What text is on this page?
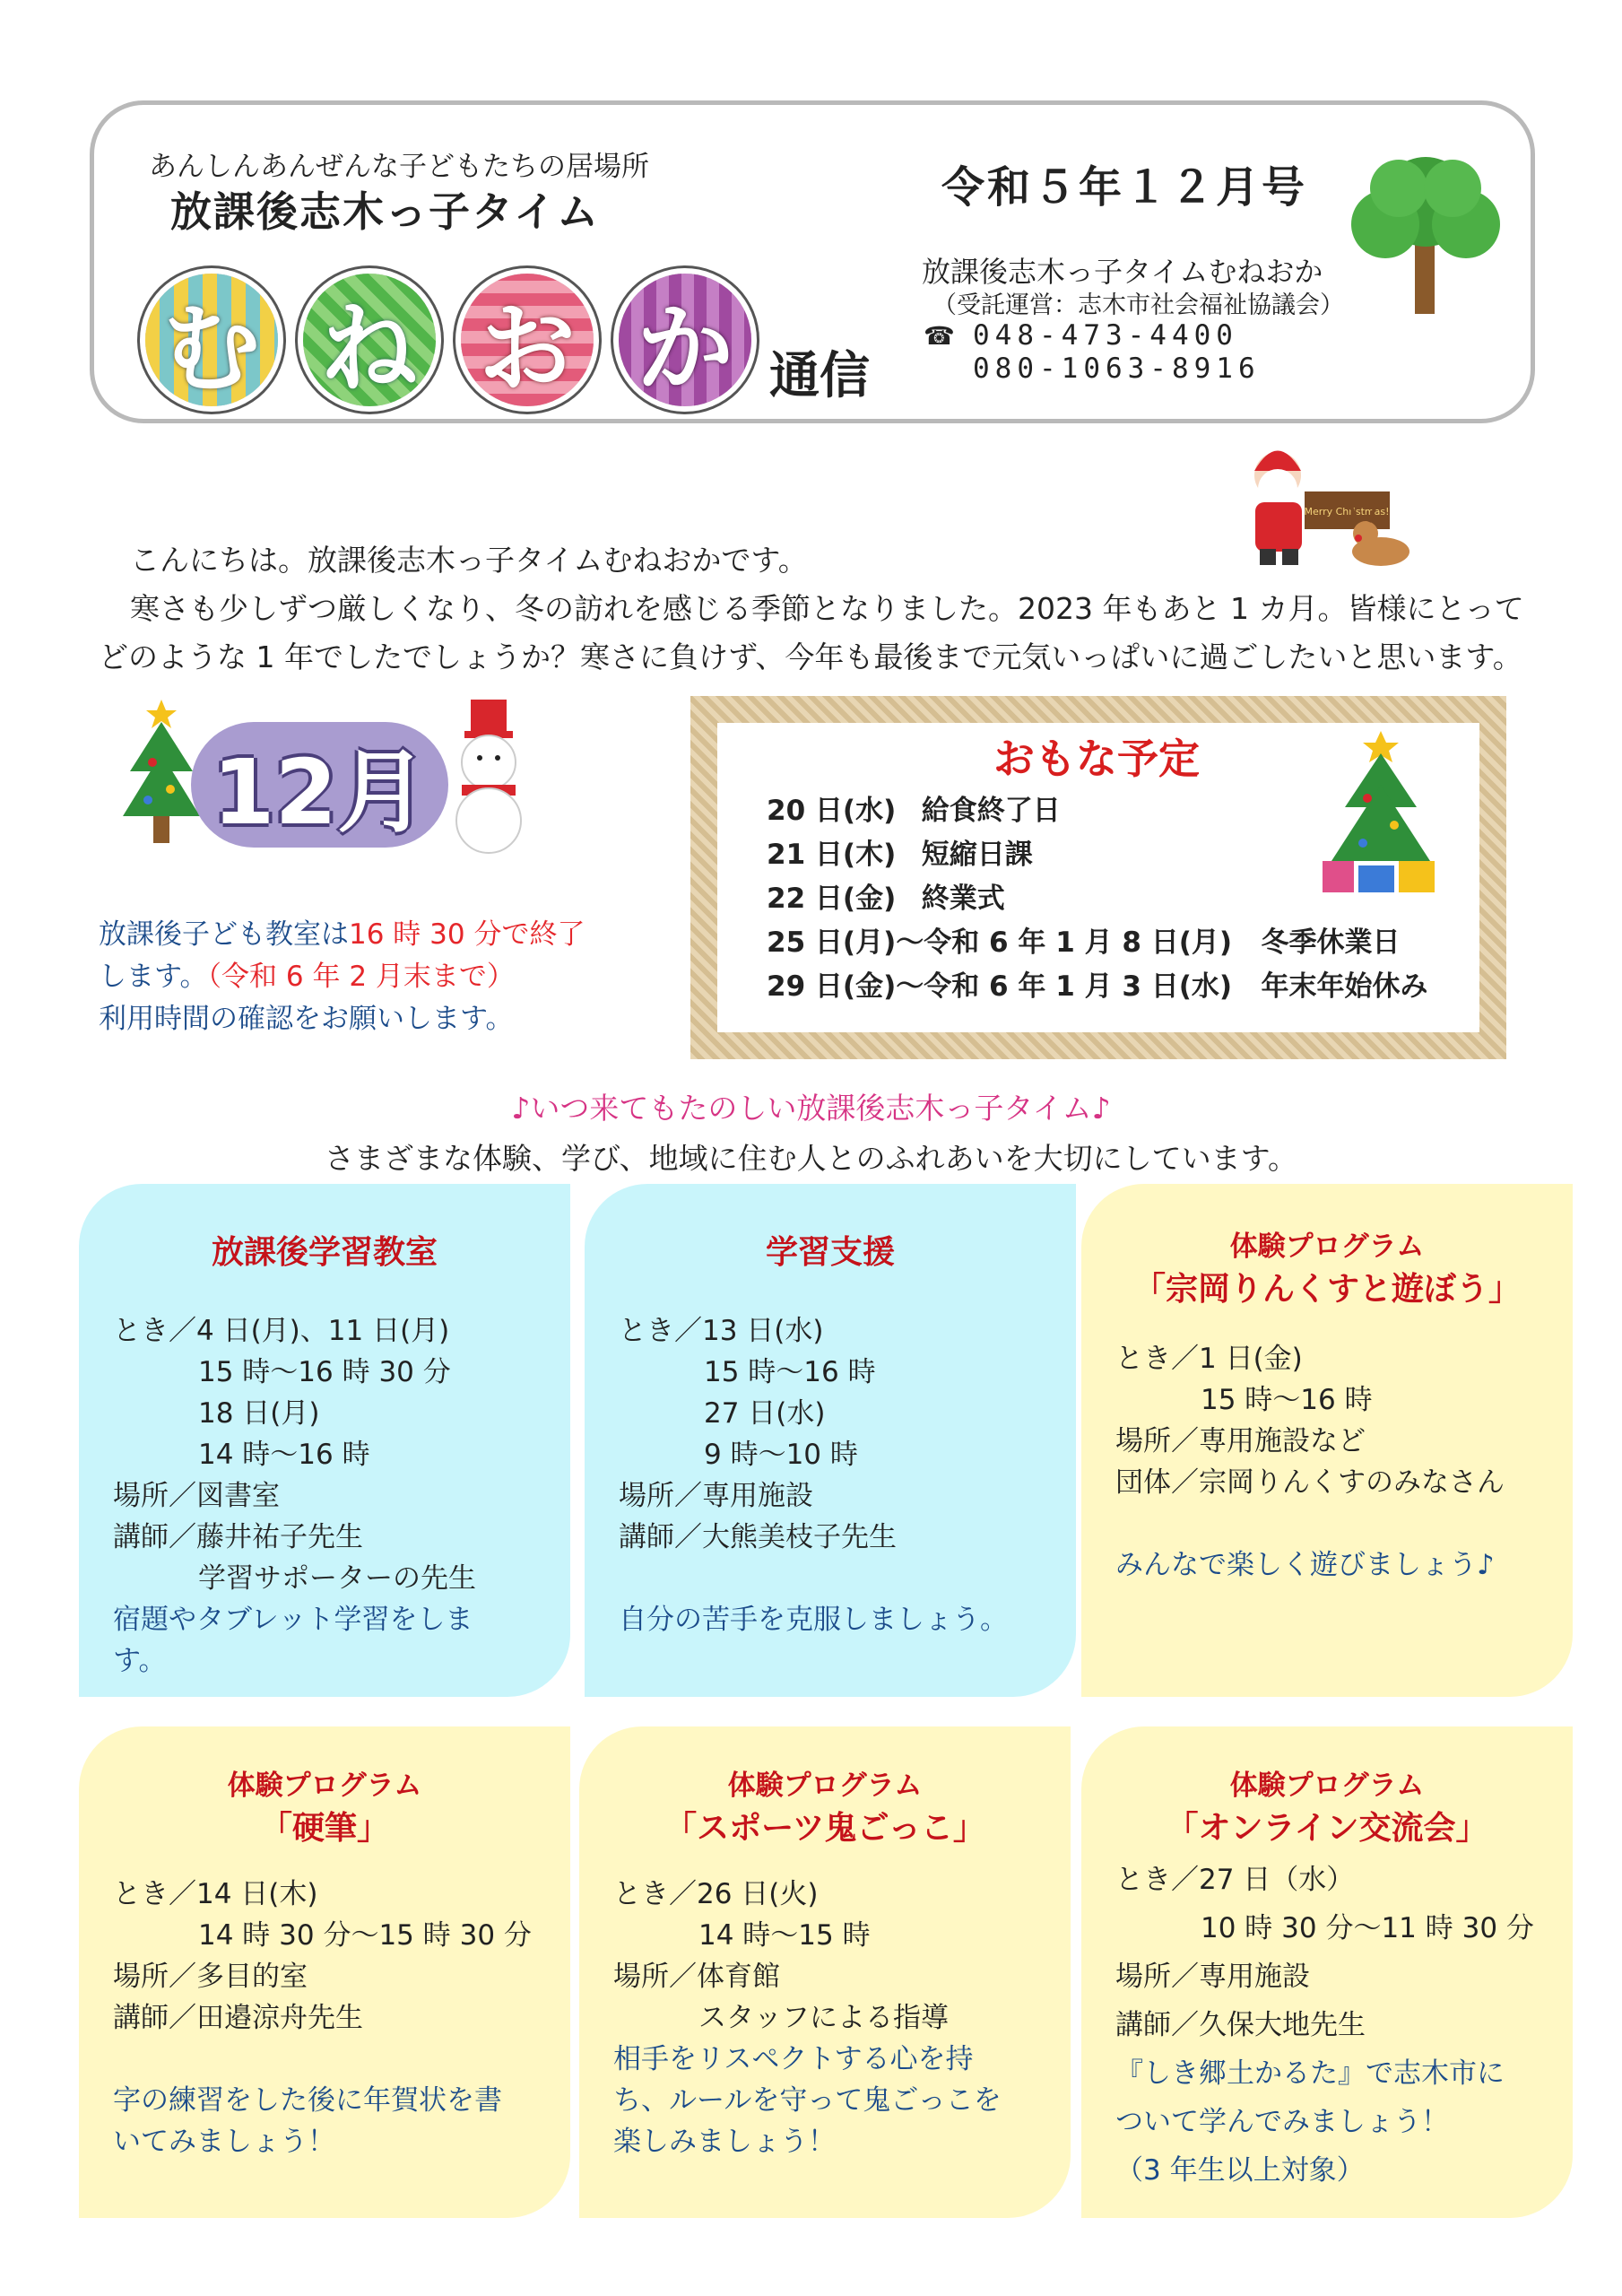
あんしんあんぜんな子どもたちの居場所
放課後志木っ子タイム
む ね お か 通信
令和５年１２月号
放課後志木っ子タイムむねおか
（受託運営：志木市社会福祉協議会）
☎ 048-473-4400
080-1063-8916
Merry Christmas!
こんにちは。放課後志木っ子タイムむねおかです。
寒さも少しずつ厳しくなり、冬の訪れを感じる季節となりました。2023 年もあと 1 カ月。皆様にとって
どのような 1 年でしたでしょうか？寒さに負けず、今年も最後まで元気いっぱいに過ごしたいと思います。
12月
放課後子ども教室は16 時 30 分で終了
します。（令和 6 年 2 月末まで）
利用時間の確認をお願いします。
おもな予定
20 日(水) 給食終了日
21 日(木) 短縮日課
22 日(金) 終業式
25 日(月)～令和 6 年 1 月 8 日(月) 冬季休業日
29 日(金)～令和 6 年 1 月 3 日(水) 年末年始休み
♪いつ来てもたのしい放課後志木っ子タイム♪
さまざまな体験、学び、地域に住む人とのふれあいを大切にしています。
放課後学習教室
とき／4 日(月)、11 日(月)
15 時～16 時 30 分
18 日(月)
14 時～16 時
場所／図書室
講師／藤井祐子先生
学習サポーターの先生
宿題やタブレット学習をしま
す。
学習支援
とき／13 日(水)
15 時～16 時
27 日(水)
9 時～10 時
場所／専用施設
講師／大熊美枝子先生
自分の苦手を克服しましょう。
体験プログラム
「宗岡りんくすと遊ぼう」
とき／1 日(金)
15 時～16 時
場所／専用施設など
団体／宗岡りんくすのみなさん
みんなで楽しく遊びましょう♪
体験プログラム
「硬筆」
とき／14 日(木)
14 時 30 分～15 時 30 分
場所／多目的室
講師／田邉涼舟先生
字の練習をした後に年賀状を書
いてみましょう！
体験プログラム
「スポーツ鬼ごっこ」
とき／26 日(火)
14 時～15 時
場所／体育館
スタッフによる指導
相手をリスペクトする心を持
ち、ルールを守って鬼ごっこを
楽しみましょう！
体験プログラム
「オンライン交流会」
とき／27 日（水）
10 時 30 分～11 時 30 分
場所／専用施設
講師／久保大地先生
『しき郷土かるた』で志木市に
ついて学んでみましょう！
（3 年生以上対象）
